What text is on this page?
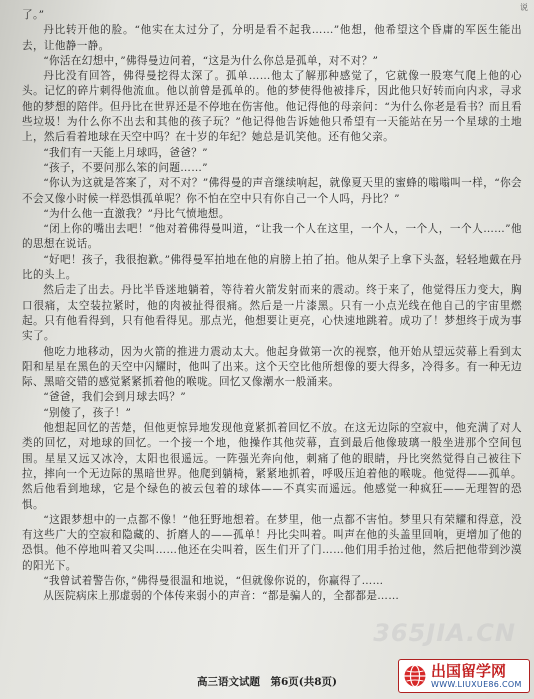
说

了。”

丹比转开他的脸。“他实在太过分了，分明是看不起我……”他想，他希望这个昏庸的军医生能出去，让他静一静。

“你活在幻想中，”佛得曼边问着，“这是为什么你总是孤单，对不对？”

丹比没有回答，佛得曼挖得太深了。孤单……他太了解那种感觉了，它就像一股寒气爬上他的心头。记忆的碎片刺得他流血。他以前曾是孤单的。他的梦使得他被排斥，因此他只好转而向内求，寻求他的梦想的陪伴。但丹比在世界还是不停地在伤害他。他记得他的母亲问：“为什么你老是看书？而且看些垃圾！为什么你不出去和其他的孩子玩？”他记得他告诉她他只希望有一天能站在另一个星球的土地上，然后看着地球在天空中吗？在十岁的年纪？她总是讥笑他。还有他父亲。

“我们有一天能上月球吗，爸爸？”

“孩子，不要问那么笨的问题……”

“你认为这就是答案了，对不对？”佛得曼的声音继续响起，就像夏天里的蜜蜂的嗡嗡叫一样，“你会不会又像小时候一样恐惧孤单呢？你不怕在空中只有你自己一个人吗，丹比？”

“为什么他一直激我？”丹比气愤地想。

“闭上你的嘴出去吧！”他对着佛得曼叫道，“让我一个人在这里，一个人，一个人，一个人……”他的思想在说话。

“好吧！孩子，我很抱歉。”佛得曼军拍地在他的肩膀上拍了拍。他从架子上拿下头盔，轻轻地戴在丹比的头上。

然后走了出去。丹比半昏迷地躺着，等待着火箭发射而来的震动。终于来了，他觉得压力变大，胸口很痛，太空装拉紧时，他的肉被扯得很痛。然后是一片漆黑。只有一小点光线在他自己的宇宙里燃起。只有他看得到，只有他看得见。那点光，他想要让更亮，心快速地跳着。成功了！梦想终于成为事实了。

他吃力地移动，因为火箭的推进力震动太大。他起身做第一次的视察，他开始从望远荧幕上看到太阳和星星在黑色的天空中闪耀时，他叫了出来。这个天空比他所想像的要大得多，冷得多。有一种无边际、黑暗交错的感觉紧紧抓着他的喉咙。回忆又像潮水一般涌来。

“爸爸，我们会到月球去吗？”

“别傻了，孩子！”

他想起回忆的苦楚，但他更惊异地发现他竟紧抓着回忆不放。在这无边际的空寂中，他充满了对人类的回忆，对地球的回忆。一个接一个地，他操作其他荧幕，直到最后他像玻璃一般坐进那个空间包围。星星又远又冰冷，太阳也很遥远。一阵强光奔向他，刺痛了他的眼睛，丹比突然觉得自己被往下拉，摔向一个无边际的黑暗世界。他爬到躺椅，紧紧地抓着，呼吸压迫着他的喉咙。他觉得——孤单。然后他看到地球，它是个绿色的被云包着的球体——不真实而遥远。他感觉一种疯狂——无理智的恐惧。

“这跟梦想中的一点都不像！”他狂野地想着。在梦里，他一点都不害怕。梦里只有荣耀和得意，没有这些广大的空寂和隐藏的、折磨人的——孤单！丹比尖叫着。叫声在他的头盖里回响，更增加了他的恐惧。他不停地叫着又尖叫……他还在尖叫着，医生们开了门……他们用手抬过他，然后把他带到沙漠的阳光下。

“我曾试着警告你，”佛得曼很温和地说，“但就像你说的，你赢得了……

从医院病床上那虚弱的个体传来弱小的声音：“都是骗人的，全都都是……

高三语文试题　第6页(共8页)
365JIA.CN
出国留学网
WWW.LIUXUE86.COM
